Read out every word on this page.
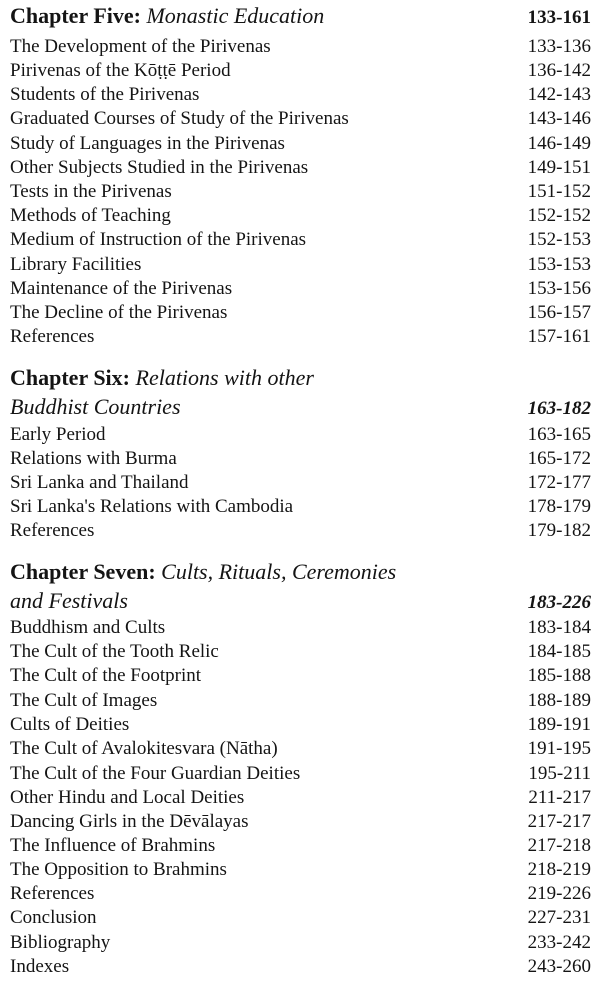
Chapter Five: Monastic Education	133-161
The Development of the Pirivenas	133-136
Pirivenas of the Kōṭṭē Period	136-142
Students of the Pirivenas	142-143
Graduated Courses of Study of the Pirivenas	143-146
Study of Languages in the Pirivenas	146-149
Other Subjects Studied in the Pirivenas	149-151
Tests in the Pirivenas	151-152
Methods of Teaching	152-152
Medium of Instruction of the Pirivenas	152-153
Library Facilities	153-153
Maintenance of the Pirivenas	153-156
The Decline of the Pirivenas	156-157
References	157-161
Chapter Six: Relations with other
Buddhist Countries	163-182
Early Period	163-165
Relations with Burma	165-172
Sri Lanka and Thailand	172-177
Sri Lanka's Relations with Cambodia	178-179
References	179-182
Chapter Seven: Cults, Rituals, Ceremonies
and Festivals	183-226
Buddhism and Cults	183-184
The Cult of the Tooth Relic	184-185
The Cult of the Footprint	185-188
The Cult of Images	188-189
Cults of Deities	189-191
The Cult of Avalokitesvara (Nātha)	191-195
The Cult of the Four Guardian Deities	195-211
Other Hindu and Local Deities	211-217
Dancing Girls in the Dēvālayas	217-217
The Influence of Brahmins	217-218
The Opposition to Brahmins	218-219
References	219-226
Conclusion	227-231
Bibliography	233-242
Indexes	243-260
